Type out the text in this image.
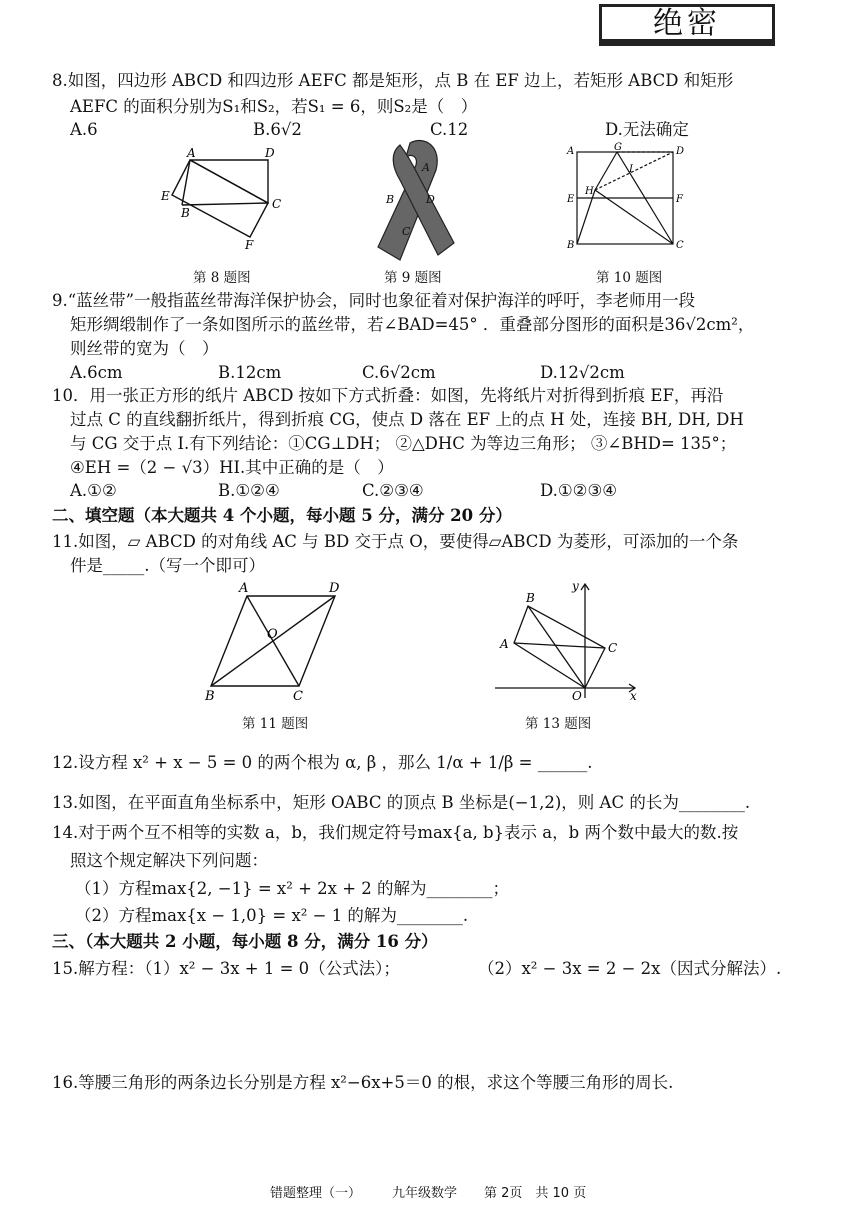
绝密
8.如图，四边形 ABCD 和四边形 AEFC 都是矩形，点 B 在 EF 边上，若矩形 ABCD 和矩形
AEFC 的面积分别为S₁和S₂，若S₁ = 6，则S₂是（　）
A.6	B.6√2	C.12	D.无法确定
A	D
E
B
C
F
第 8 题图
A
B	D
C
第 9 题图
A	G	D
I
H
E	F
B	C
第 10 题图
9.“蓝丝带”一般指蓝丝带海洋保护协会，同时也象征着对保护海洋的呼吁，李老师用一段
矩形绸缎制作了一条如图所示的蓝丝带，若∠BAD=45° ．重叠部分图形的面积是36√2cm²，
则丝带的宽为（　）
A.6cm	B.12cm	C.6√2cm	D.12√2cm
10．用一张正方形的纸片 ABCD 按如下方式折叠：如图，先将纸片对折得到折痕 EF，再沿
过点 C 的直线翻折纸片，得到折痕 CG，使点 D 落在 EF 上的点 H 处，连接 BH, DH, DH
与 CG 交于点 I.有下列结论：①CG⊥DH； ②△DHC 为等边三角形； ③∠BHD= 135°；
④EH =（2 − √3）HI.其中正确的是（　）
A.①②	B.①②④	C.②③④	D.①②③④
二、填空题（本大题共 4 个小题，每小题 5 分，满分 20 分）
11.如图，▱ ABCD 的对角线 AC 与 BD 交于点 O，要使得▱ABCD 为菱形，可添加的一个条
件是_____.（写一个即可）
A	D
O
B	C
第 11 题图
y
B
A	C
O	x
第 13 题图
12.设方程 x² + x − 5 = 0 的两个根为 α, β ，那么 1/α + 1/β = ______.
13.如图，在平面直角坐标系中，矩形 OABC 的顶点 B 坐标是(−1,2)，则 AC 的长为________.
14.对于两个互不相等的实数 a，b，我们规定符号max{a, b}表示 a，b 两个数中最大的数.按
照这个规定解决下列问题：
（1）方程max{2, −1} = x² + 2x + 2 的解为________；
（2）方程max{x − 1,0} = x² − 1 的解为________.
三、（本大题共 2 小题，每小题 8 分，满分 16 分）
15.解方程：（1）x² − 3x + 1 = 0（公式法）；	（2）x² − 3x = 2 − 2x（因式分解法）.
16.等腰三角形的两条边长分别是方程 x²−6x+5＝0 的根，求这个等腰三角形的周长.
错题整理（一） 九年级数学 第 2页　共 10 页
